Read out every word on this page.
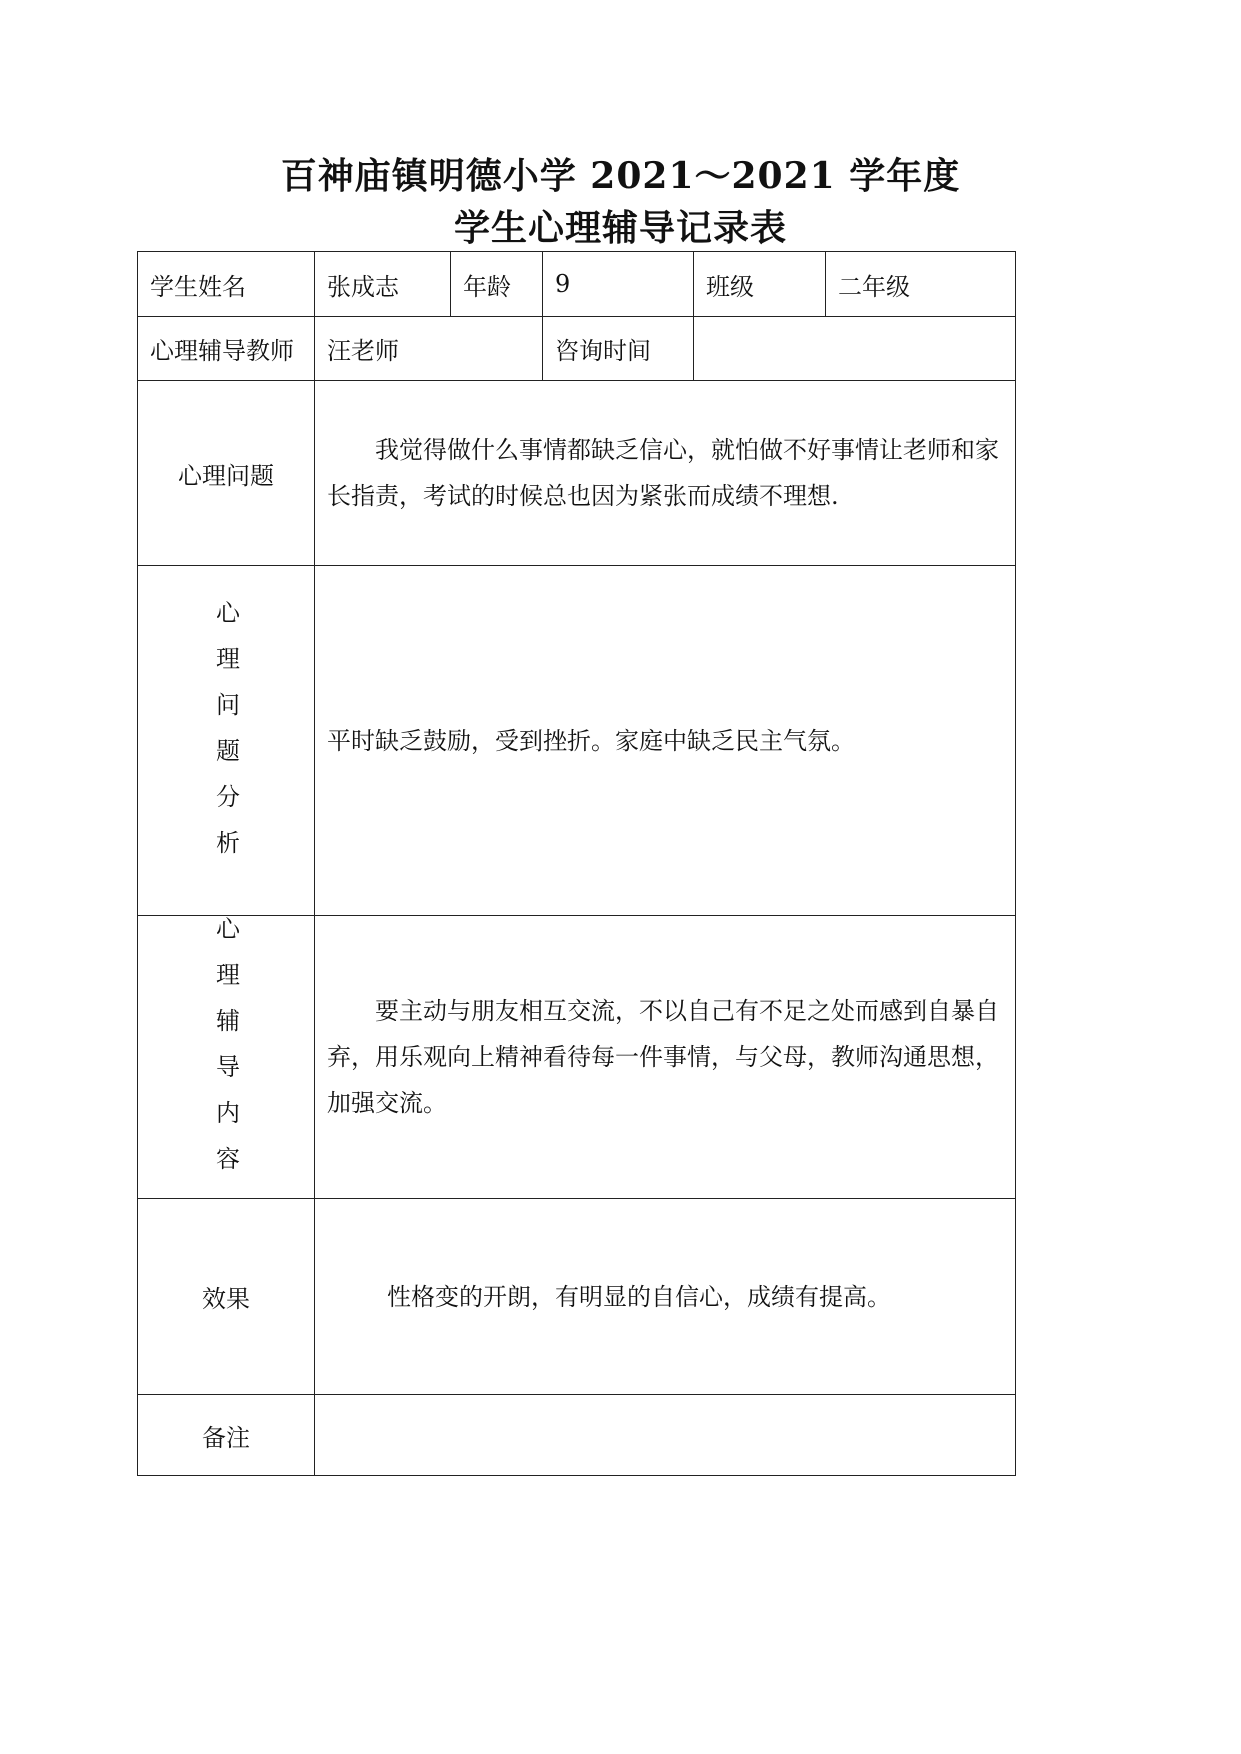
百神庙镇明德小学 2021～2021 学年度
学生心理辅导记录表
学生姓名	张成志	年龄	9	班级	二年级
心理辅导教师	汪老师		咨询时间		
心理问题	我觉得做什么事情都缺乏信心，就怕做不好事情让老师和家长指责，考试的时候总也因为紧张而成绩不理想.				

心理问题分析	平时缺乏鼓励，受到挫折。家庭中缺乏民主气氛。				

心理辅导内容	要主动与朋友相互交流，不以自己有不足之处而感到自暴自弃，用乐观向上精神看待每一件事情，与父母，教师沟通思想，加强交流。				

效果	性格变的开朗，有明显的自信心，成绩有提高。				

备注					
